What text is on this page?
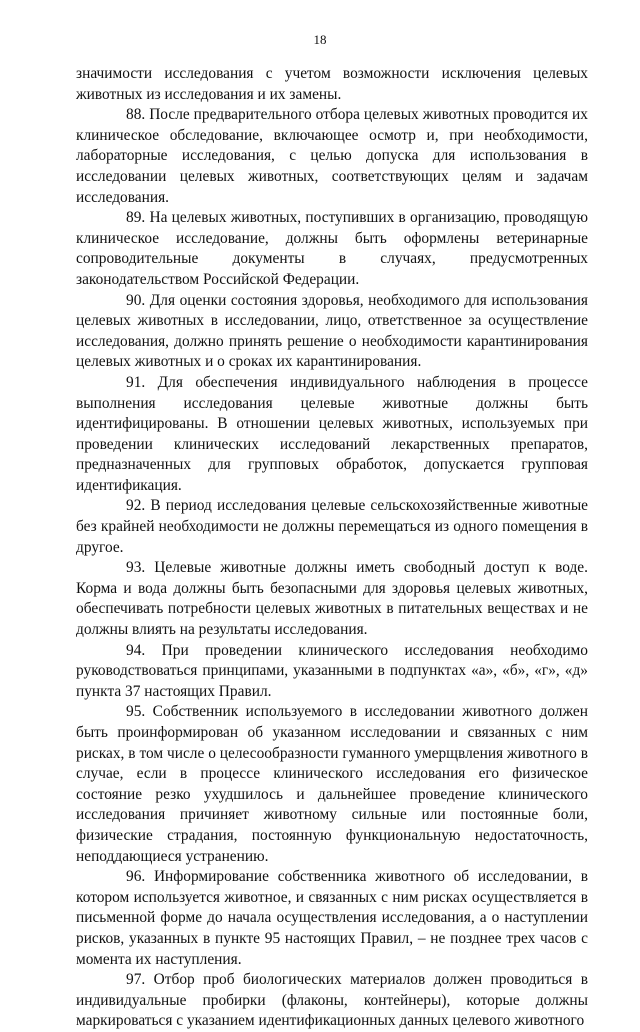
18

значимости исследования с учетом возможности исключения целевых животных из исследования и их замены.

88. После предварительного отбора целевых животных проводится их клиническое обследование, включающее осмотр и, при необходимости, лабораторные исследования, с целью допуска для использования в исследовании целевых животных, соответствующих целям и задачам исследования.

89. На целевых животных, поступивших в организацию, проводящую клиническое исследование, должны быть оформлены ветеринарные сопроводительные документы в случаях, предусмотренных законодательством Российской Федерации.

90. Для оценки состояния здоровья, необходимого для использования целевых животных в исследовании, лицо, ответственное за осуществление исследования, должно принять решение о необходимости карантинирования целевых животных и о сроках их карантинирования.

91. Для обеспечения индивидуального наблюдения в процессе выполнения исследования целевые животные должны быть идентифицированы. В отношении целевых животных, используемых при проведении клинических исследований лекарственных препаратов, предназначенных для групповых обработок, допускается групповая идентификация.

92. В период исследования целевые сельскохозяйственные животные без крайней необходимости не должны перемещаться из одного помещения в другое.

93. Целевые животные должны иметь свободный доступ к воде. Корма и вода должны быть безопасными для здоровья целевых животных, обеспечивать потребности целевых животных в питательных веществах и не должны влиять на результаты исследования.

94. При проведении клинического исследования необходимо руководствоваться принципами, указанными в подпунктах «а», «б», «г», «д» пункта 37 настоящих Правил.

95. Собственник используемого в исследовании животного должен быть проинформирован об указанном исследовании и связанных с ним рисках, в том числе о целесообразности гуманного умерщвления животного в случае, если в процессе клинического исследования его физическое состояние резко ухудшилось и дальнейшее проведение клинического исследования причиняет животному сильные или постоянные боли, физические страдания, постоянную функциональную недостаточность, неподдающиеся устранению.

96. Информирование собственника животного об исследовании, в котором используется животное, и связанных с ним рисках осуществляется в письменной форме до начала осуществления исследования, а о наступлении рисков, указанных в пункте 95 настоящих Правил, – не позднее трех часов с момента их наступления.

97. Отбор проб биологических материалов должен проводиться в индивидуальные пробирки (флаконы, контейнеры), которые должны маркироваться с указанием идентификационных данных целевого животного
